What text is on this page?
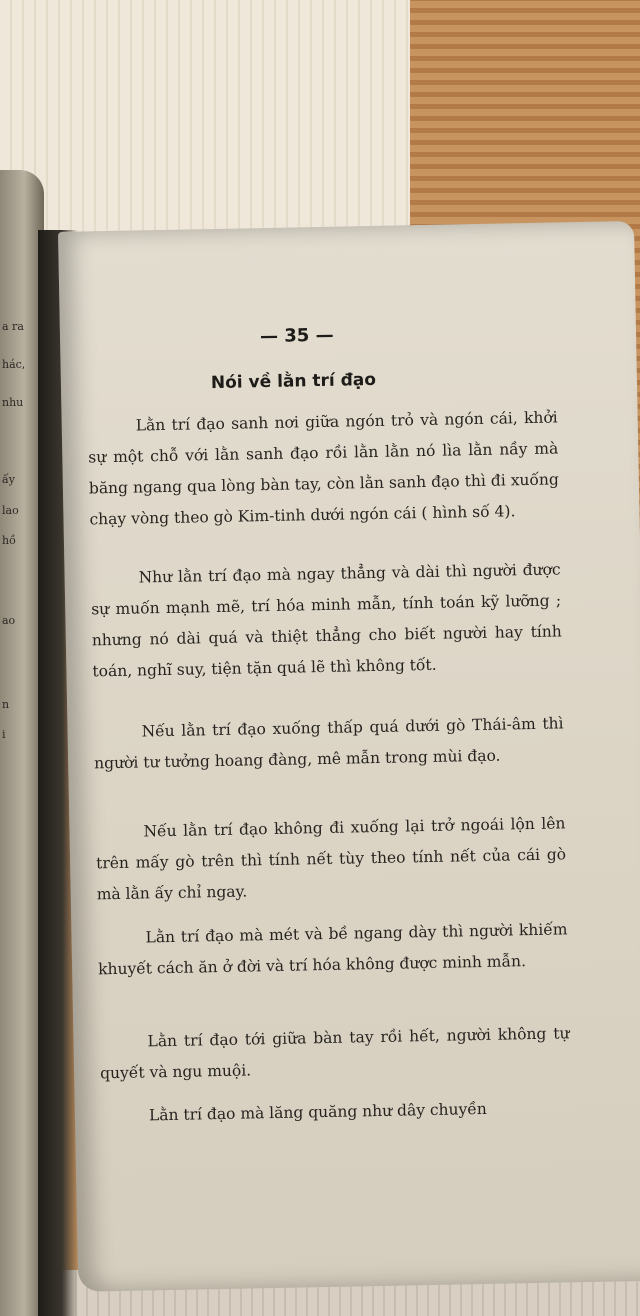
a ra
hác,
nhu
ấy
lao
hồ
ao
n
i
— 35 —
Nói về lằn trí đạo

Lằn trí đạo sanh nơi giữa ngón trỏ và ngón cái, khởi sự một chỗ với lằn sanh đạo rồi lằn lằn nó lìa lằn nầy mà băng ngang qua lòng bàn tay, còn lằn sanh đạo thì đi xuống chạy vòng theo gò Kim-tinh dưới ngón cái ( hình số 4).

Như lằn trí đạo mà ngay thẳng và dài thì người được sự muốn mạnh mẽ, trí hóa minh mẫn, tính toán kỹ lưỡng ; nhưng nó dài quá và thiệt thẳng cho biết người hay tính toán, nghĩ suy, tiện tặn quá lẽ thì không tốt.

Nếu lằn trí đạo xuống thấp quá dưới gò Thái-âm thì người tư tưởng hoang đàng, mê mẫn trong mùi đạo.

Nếu lằn trí đạo không đi xuống lại trở ngoái lộn lên trên mấy gò trên thì tính nết tùy theo tính nết của cái gò mà lằn ấy chỉ ngay.

Lằn trí đạo mà mét và bề ngang dày thì người khiếm khuyết cách ăn ở đời và trí hóa không được minh mẫn.

Lằn trí đạo tới giữa bàn tay rồi hết, người không tự quyết và ngu muội.

Lằn trí đạo mà lăng quăng như dây chuyền
